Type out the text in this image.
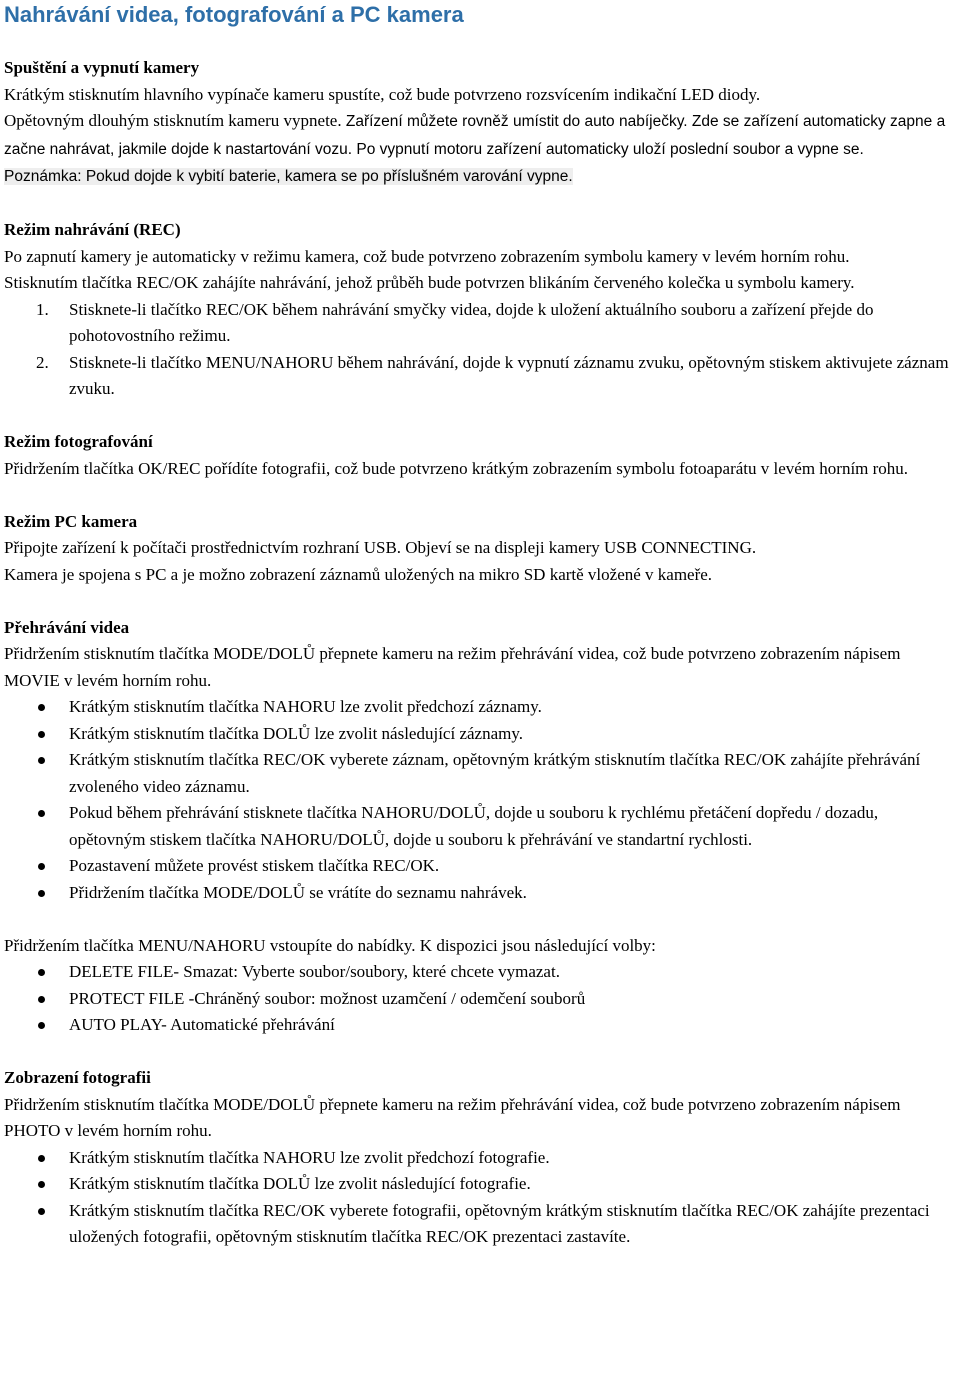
Nahrávání videa, fotografování a PC kamera

Spuštění a vypnutí kamery

Krátkým stisknutím hlavního vypínače kameru spustíte, což bude potvrzeno rozsvícením indikační LED diody.

Opětovným dlouhým stisknutím kameru vypnete. Zařízení můžete rovněž umístit do auto nabíječky. Zde se zařízení automaticky zapne a začne nahrávat, jakmile dojde k nastartování vozu. Po vypnutí motoru zařízení automaticky uloží poslední soubor a vypne se.

Poznámka: Pokud dojde k vybití baterie, kamera se po příslušném varování vypne.

Režim nahrávání (REC)

Po zapnutí kamery je automaticky v režimu kamera, což bude potvrzeno zobrazením symbolu kamery v levém horním rohu.

Stisknutím tlačítka REC/OK zahájíte nahrávání, jehož průběh bude potvrzen blikáním červeného kolečka u symbolu kamery.

1. Stisknete-li tlačítko REC/OK během nahrávání smyčky videa, dojde k uložení aktuálního souboru a zařízení přejde do pohotovostního režimu.
2. Stisknete-li tlačítko MENU/NAHORU během nahrávání, dojde k vypnutí záznamu zvuku, opětovným stiskem aktivujete záznam zvuku.

Režim fotografování

Přidržením tlačítka OK/REC pořídíte fotografii, což bude potvrzeno krátkým zobrazením symbolu fotoaparátu v levém horním rohu.

Režim PC kamera

Připojte zařízení k počítači prostřednictvím rozhraní USB. Objeví se na displeji kamery USB CONNECTING.

Kamera je spojena s PC a je možno zobrazení záznamů uložených na mikro SD kartě vložené v kameře.

Přehrávání videa

Přidržením stisknutím tlačítka MODE/DOLŮ přepnete kameru na režim přehrávání videa, což bude potvrzeno zobrazením nápisem MOVIE v levém horním rohu.

Krátkým stisknutím tlačítka NAHORU lze zvolit předchozí záznamy.
Krátkým stisknutím tlačítka DOLŮ lze zvolit následující záznamy.
Krátkým stisknutím tlačítka REC/OK vyberete záznam, opětovným krátkým stisknutím tlačítka REC/OK zahájíte přehrávání zvoleného video záznamu.
Pokud během přehrávání stisknete tlačítka NAHORU/DOLŮ, dojde u souboru k rychlému přetáčení dopředu / dozadu, opětovným stiskem tlačítka NAHORU/DOLŮ, dojde u souboru k přehrávání ve standartní rychlosti.
Pozastavení můžete provést stiskem tlačítka REC/OK.
Přidržením tlačítka MODE/DOLŮ se vrátíte do seznamu nahrávek.

Přidržením tlačítka MENU/NAHORU vstoupíte do nabídky. K dispozici jsou následující volby:

DELETE FILE- Smazat: Vyberte soubor/soubory, které chcete vymazat.
PROTECT FILE -Chráněný soubor: možnost uzamčení / odemčení souborů
AUTO PLAY- Automatické přehrávání

Zobrazení fotografii

Přidržením stisknutím tlačítka MODE/DOLŮ přepnete kameru na režim přehrávání videa, což bude potvrzeno zobrazením nápisem PHOTO v levém horním rohu.

Krátkým stisknutím tlačítka NAHORU lze zvolit předchozí fotografie.
Krátkým stisknutím tlačítka DOLŮ lze zvolit následující fotografie.
Krátkým stisknutím tlačítka REC/OK vyberete fotografii, opětovným krátkým stisknutím tlačítka REC/OK zahájíte prezentaci uložených fotografii, opětovným stisknutím tlačítka REC/OK prezentaci zastavíte.
